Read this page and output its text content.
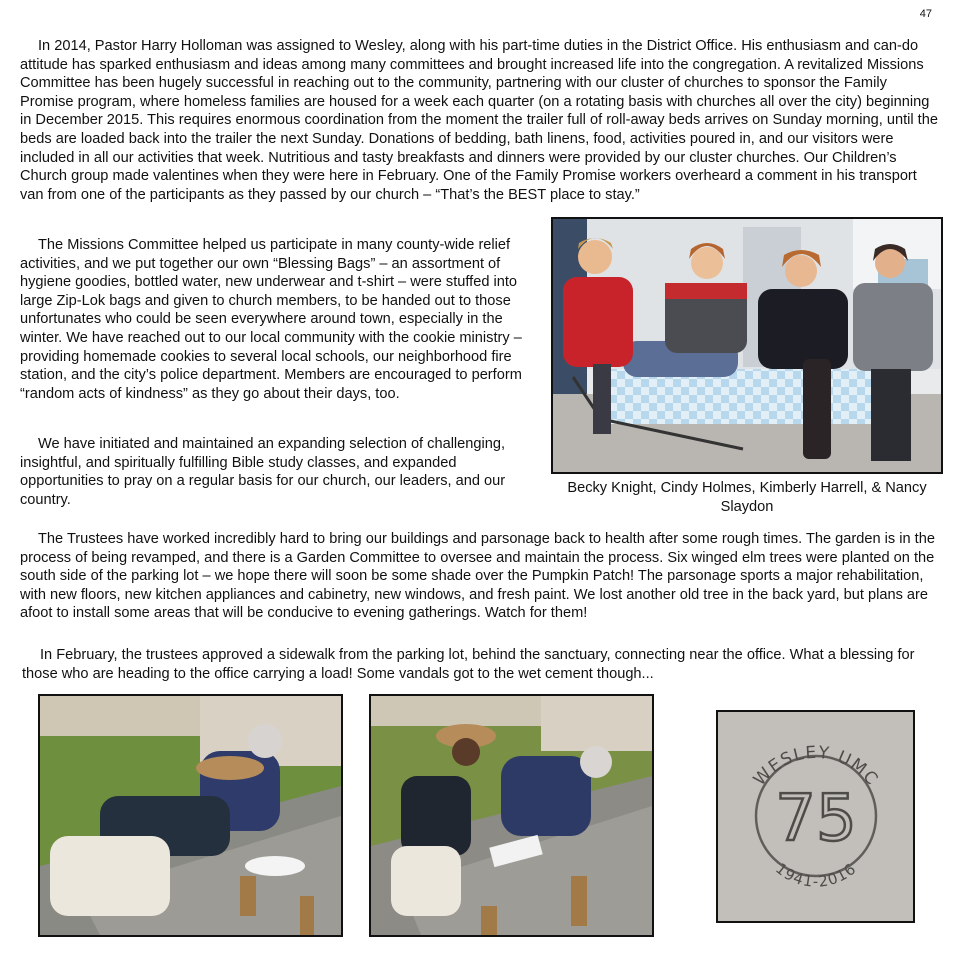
47

In 2014, Pastor Harry Holloman was assigned to Wesley, along with his part-time duties in the District Office. His enthusiasm and can-do attitude has sparked enthusiasm and ideas among many committees and brought increased life into the congregation. A revitalized Missions Committee has been hugely successful in reaching out to the community, partnering with our cluster of churches to sponsor the Family Promise program, where homeless families are housed for a week each quarter (on a rotating basis with churches all over the city) beginning in December 2015. This requires enormous coordination from the moment the trailer full of roll-away beds arrives on Sunday morning, until the beds are loaded back into the trailer the next Sunday. Donations of bedding, bath linens, food, activities poured in, and our visitors were included in all our activities that week. Nutritious and tasty breakfasts and dinners were provided by our cluster churches. Our Children’s Church group made valentines when they were here in February. One of the Family Promise workers overheard a comment in his transport van from one of the participants as they passed by our church – “That’s the BEST place to stay.”

The Missions Committee helped us participate in many county-wide relief activities, and we put together our own “Blessing Bags” – an assortment of hygiene goodies, bottled water, new underwear and t-shirt – were stuffed into large Zip-Lok bags and given to church members, to be handed out to those unfortunates who could be seen everywhere around town, especially in the winter. We have reached out to our local community with the cookie ministry – providing homemade cookies to several local schools, our neighborhood fire station, and the city’s police department. Members are encouraged to perform “random acts of kindness” as they go about their days, too.

We have initiated and maintained an expanding selection of challenging, insightful, and spiritually fulfilling Bible study classes, and expanded opportunities to pray on a regular basis for our church, our leaders, and our country.

The Trustees have worked incredibly hard to bring our buildings and parsonage back to health after some rough times. The garden is in the process of being revamped, and there is a Garden Committee to oversee and maintain the process. Six winged elm trees were planted on the south side of the parking lot – we hope there will soon be some shade over the Pumpkin Patch! The parsonage sports a major rehabilitation, with new floors, new kitchen appliances and cabinetry, new windows, and fresh paint. We lost another old tree in the back yard, but plans are afoot to install some areas that will be conducive to evening gatherings. Watch for them!

In February, the trustees approved a sidewalk from the parking lot, behind the sanctuary, connecting near the office. What a blessing for those who are heading to the office carrying a load! Some vandals got to the wet cement though...

Becky Knight, Cindy Holmes, Kimberly Harrell, & Nancy Slaydon
WESLEY UMC
75
1941-2016
